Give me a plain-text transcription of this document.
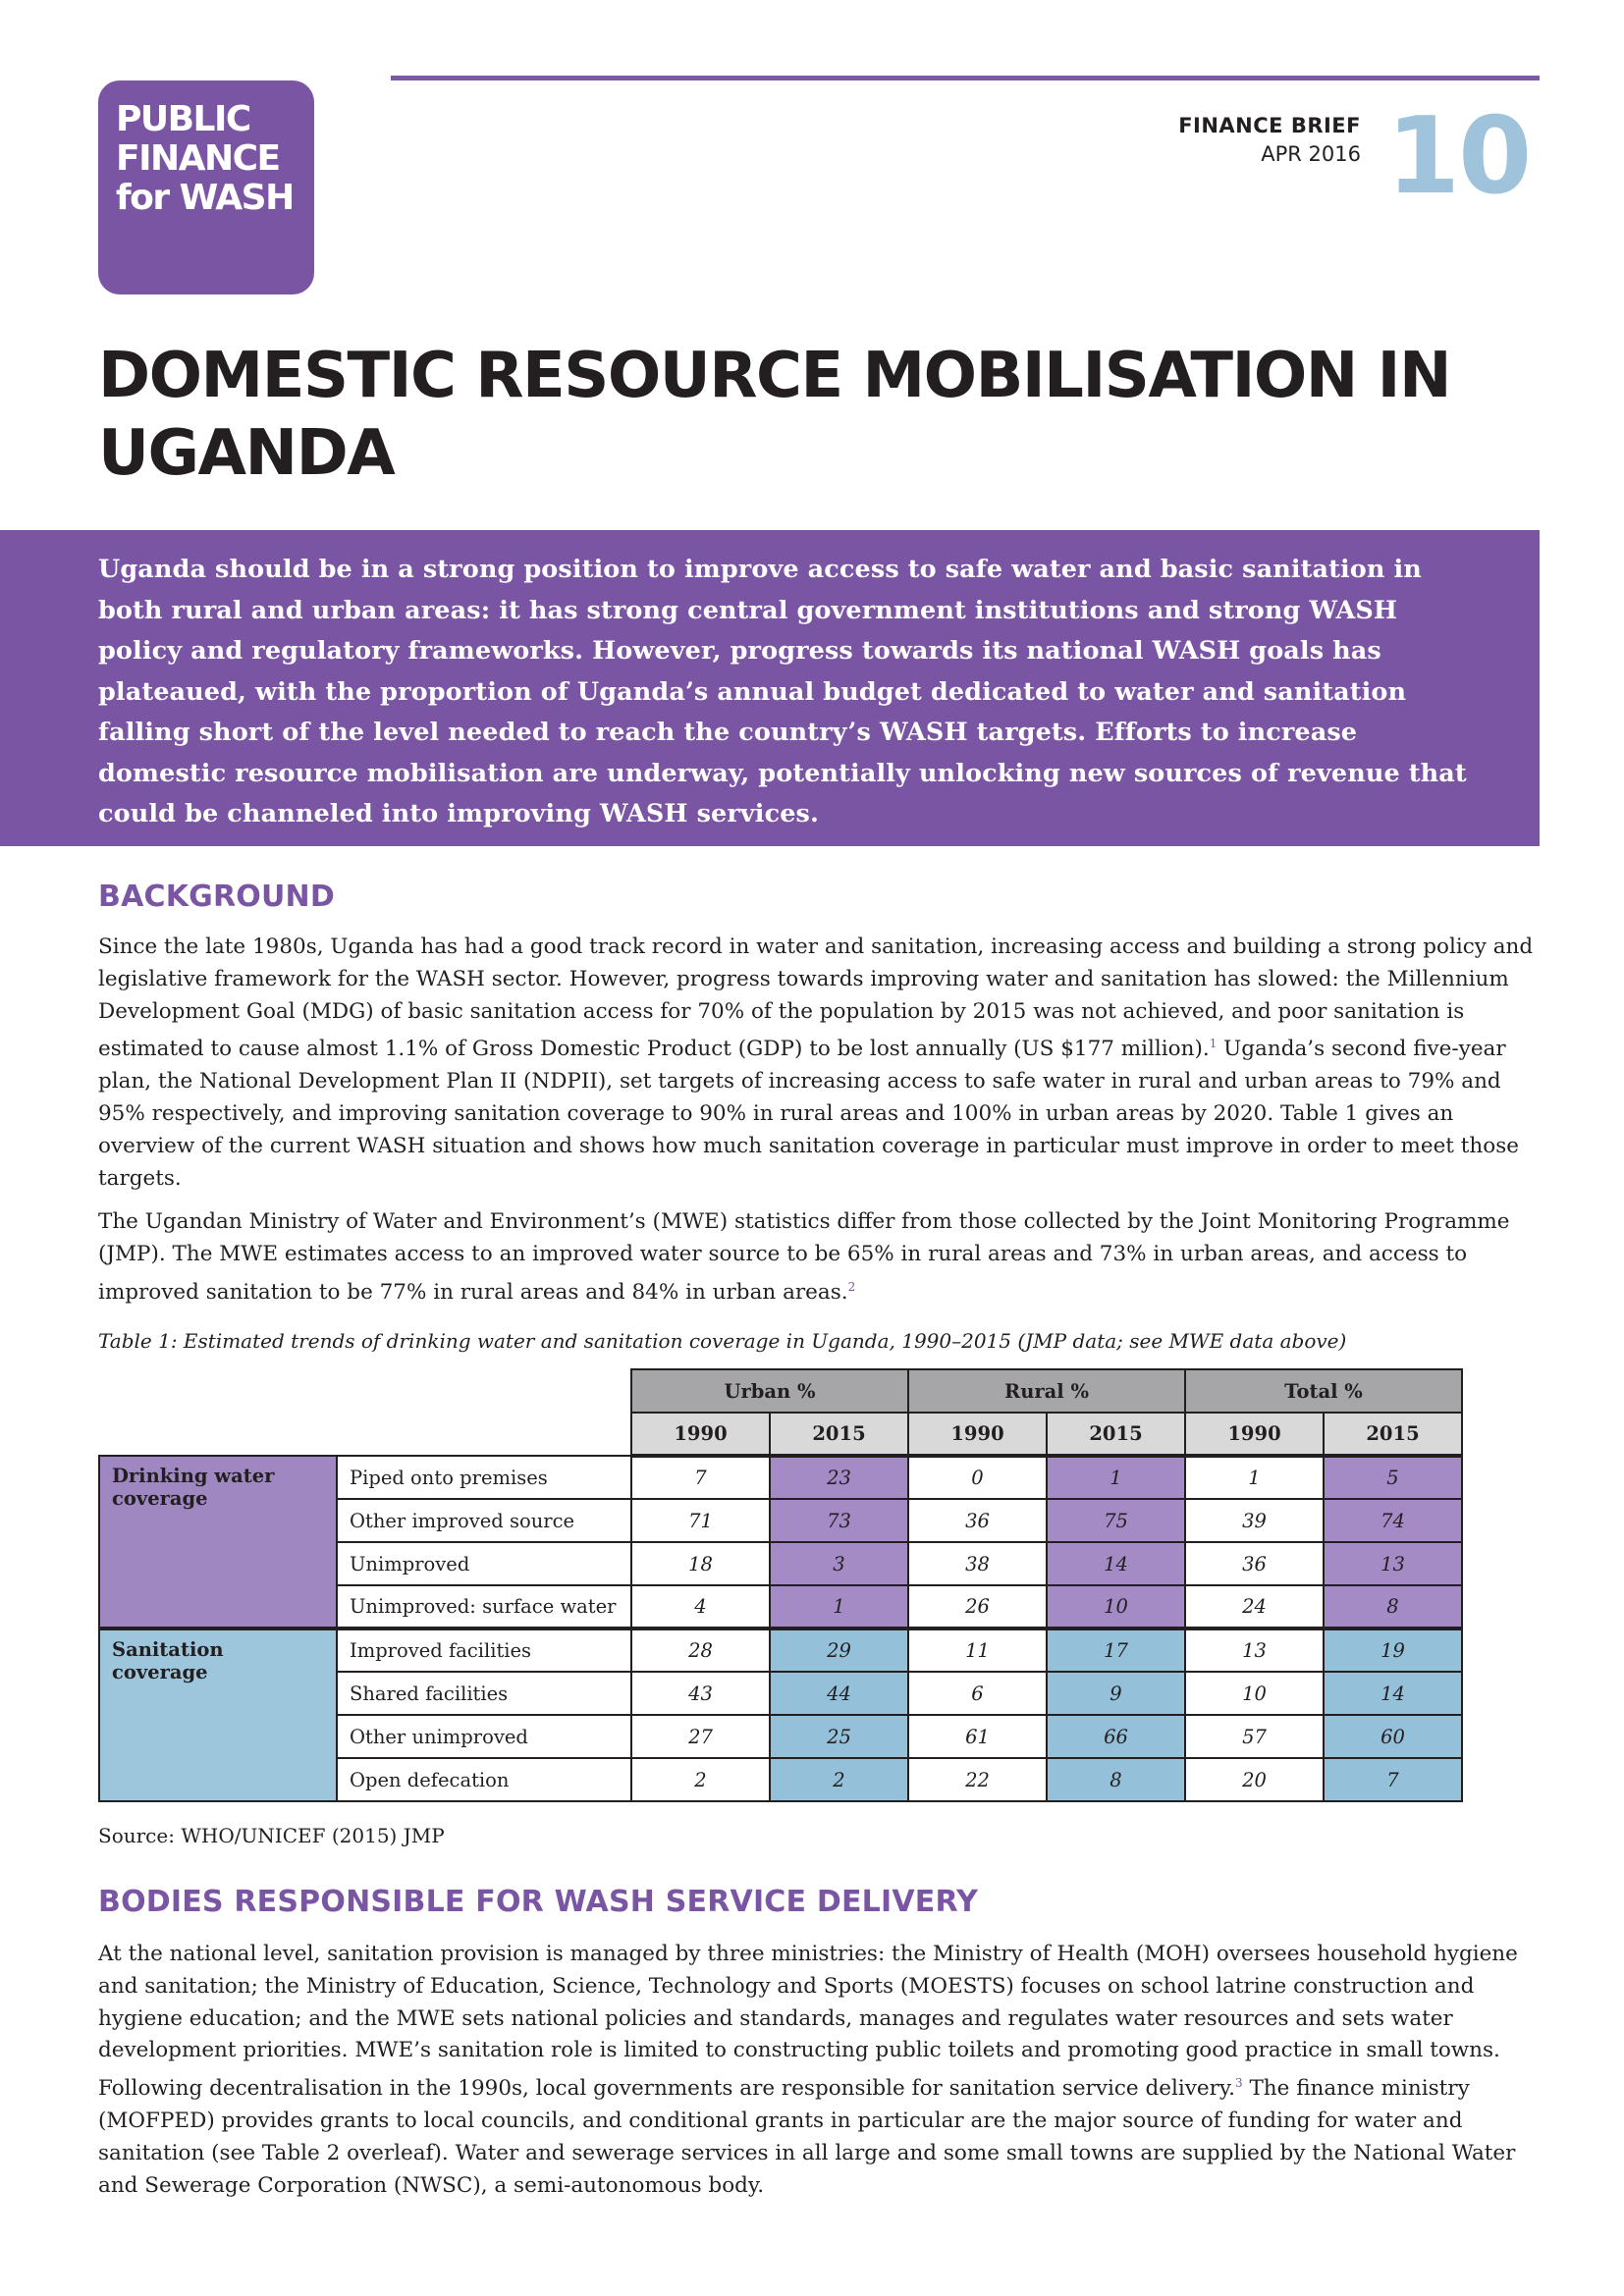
PUBLIC
FINANCE
for WASH
FINANCE BRIEF
APR 2016 10
DOMESTIC RESOURCE MOBILISATION IN UGANDA

Uganda should be in a strong position to improve access to safe water and basic sanitation in both rural and urban areas: it has strong central government institutions and strong WASH policy and regulatory frameworks. However, progress towards its national WASH goals has plateaued, with the proportion of Uganda’s annual budget dedicated to water and sanitation falling short of the level needed to reach the country’s WASH targets. Efforts to increase domestic resource mobilisation are underway, potentially unlocking new sources of revenue that could be channeled into improving WASH services.

BACKGROUND

Since the late 1980s, Uganda has had a good track record in water and sanitation, increasing access and building a strong policy and legislative framework for the WASH sector. However, progress towards improving water and sanitation has slowed: the Millennium Development Goal (MDG) of basic sanitation access for 70% of the population by 2015 was not achieved, and poor sanitation is estimated to cause almost 1.1% of Gross Domestic Product (GDP) to be lost annually (US $177 million).$^1$ Uganda’s second five-year plan, the National Development Plan II (NDPII), set targets of increasing access to safe water in rural and urban areas to 79% and 95% respectively, and improving sanitation coverage to 90% in rural areas and 100% in urban areas by 2020. Table 1 gives an overview of the current WASH situation and shows how much sanitation coverage in particular must improve in order to meet those targets.

The Ugandan Ministry of Water and Environment’s (MWE) statistics differ from those collected by the Joint Monitoring Programme (JMP). The MWE estimates access to an improved water source to be 65% in rural areas and 73% in urban areas, and access to improved sanitation to be 77% in rural areas and 84% in urban areas.$^2$

Table 1: Estimated trends of drinking water and sanitation coverage in Uganda, 1990–2015 (JMP data; see MWE data above)
		Urban %		Rural %		Total %	
		1990	2015	1990	2015	1990	2015
Drinking water coverage	Piped onto premises	7	23	0	1	1	5
	Other improved source	71	73	36	75	39	74
	Unimproved	18	3	38	14	36	13
	Unimproved: surface water	4	1	26	10	24	8
Sanitation coverage	Improved facilities	28	29	11	17	13	19
	Shared facilities	43	44	6	9	10	14
	Other unimproved	27	25	61	66	57	60
	Open defecation	2	2	22	8	20	7
Source: WHO/UNICEF (2015) JMP
BODIES RESPONSIBLE FOR WASH SERVICE DELIVERY

At the national level, sanitation provision is managed by three ministries: the Ministry of Health (MOH) oversees household hygiene and sanitation; the Ministry of Education, Science, Technology and Sports (MOESTS) focuses on school latrine construction and hygiene education; and the MWE sets national policies and standards, manages and regulates water resources and sets water development priorities. MWE’s sanitation role is limited to constructing public toilets and promoting good practice in small towns. Following decentralisation in the 1990s, local governments are responsible for sanitation service delivery.$^3$ The finance ministry (MOFPED) provides grants to local councils, and conditional grants in particular are the major source of funding for water and sanitation (see Table 2 overleaf). Water and sewerage services in all large and some small towns are supplied by the National Water and Sewerage Corporation (NWSC), a semi-autonomous body.
